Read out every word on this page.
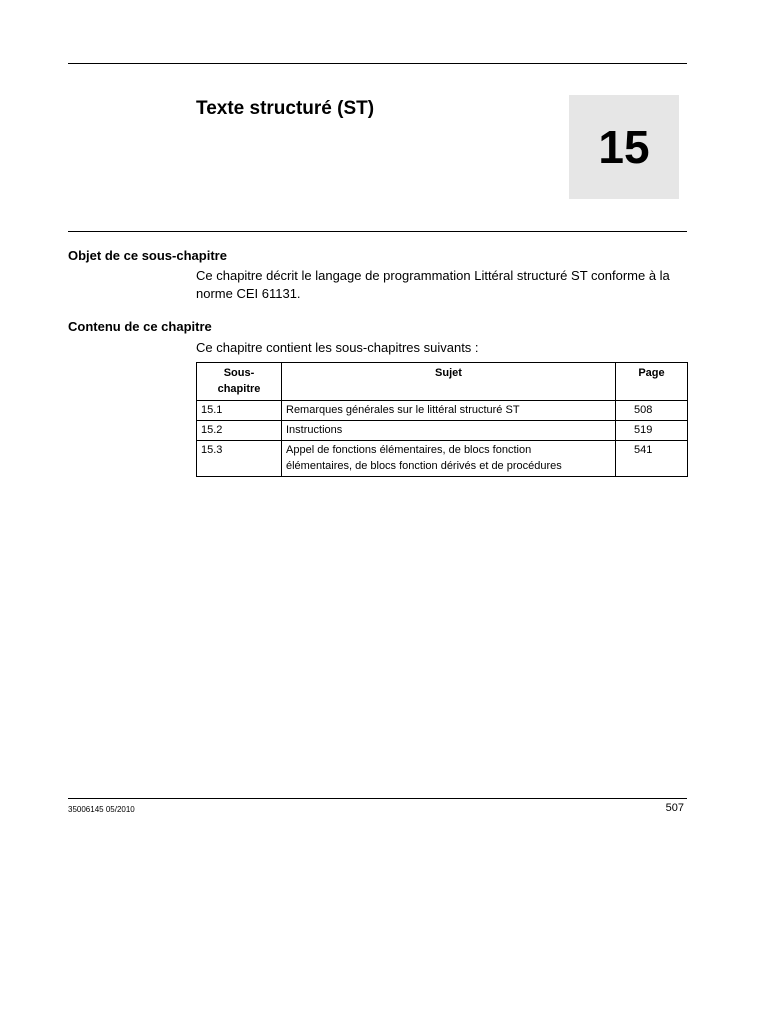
Texte structuré (ST)
15
Objet de ce sous-chapitre
Ce chapitre décrit le langage de programmation Littéral structuré ST conforme à la norme CEI 61131.
Contenu de ce chapitre
Ce chapitre contient les sous-chapitres suivants :
Sous-
chapitre	Sujet	Page
15.1	Remarques générales sur le littéral structuré ST	508
15.2	Instructions	519
15.3	Appel de fonctions élémentaires, de blocs fonction
élémentaires, de blocs fonction dérivés et de procédures	541
35006145 05/2010	507
